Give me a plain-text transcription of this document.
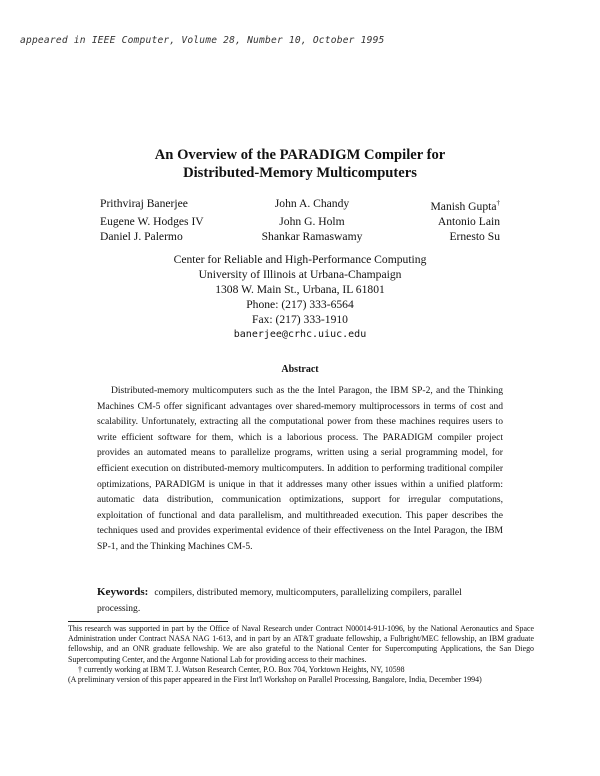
appeared in IEEE Computer, Volume 28, Number 10, October 1995
An Overview of the PARADIGM Compiler for
Distributed-Memory Multicomputers
Prithviraj Banerjee	John A. Chandy	Manish Gupta†
Eugene W. Hodges IV	John G. Holm	Antonio Lain
Daniel J. Palermo	Shankar Ramaswamy	Ernesto Su
Center for Reliable and High-Performance Computing
University of Illinois at Urbana-Champaign
1308 W. Main St., Urbana, IL 61801
Phone: (217) 333-6564
Fax: (217) 333-1910
banerjee@crhc.uiuc.edu
Abstract

Distributed-memory multicomputers such as the the Intel Paragon, the IBM SP-2, and the Thinking Machines CM-5 offer significant advantages over shared-memory multiprocessors in terms of cost and scalability. Unfortunately, extracting all the computational power from these machines requires users to write efficient software for them, which is a laborious process. The PARADIGM compiler project provides an automated means to parallelize programs, written using a serial programming model, for efficient execution on distributed-memory multicomputers. In addition to performing traditional compiler optimizations, PARADIGM is unique in that it addresses many other issues within a unified platform: automatic data distribution, communication optimizations, support for irregular computations, exploitation of functional and data parallelism, and multithreaded execution. This paper describes the techniques used and provides experimental evidence of their effectiveness on the Intel Paragon, the IBM SP-1, and the Thinking Machines CM-5.

Keywords: compilers, distributed memory, multicomputers, parallelizing compilers, parallel processing.

This research was supported in part by the Office of Naval Research under Contract N00014-91J-1096, by the National Aeronautics and Space Administration under Contract NASA NAG 1-613, and in part by an AT&T graduate fellowship, a Fulbright/MEC fellowship, an IBM graduate fellowship, and an ONR graduate fellowship. We are also grateful to the National Center for Supercomputing Applications, the San Diego Supercomputing Center, and the Argonne National Lab for providing access to their machines.

† currently working at IBM T. J. Watson Research Center, P.O. Box 704, Yorktown Heights, NY, 10598

(A preliminary version of this paper appeared in the First Int'l Workshop on Parallel Processing, Bangalore, India, December 1994)
